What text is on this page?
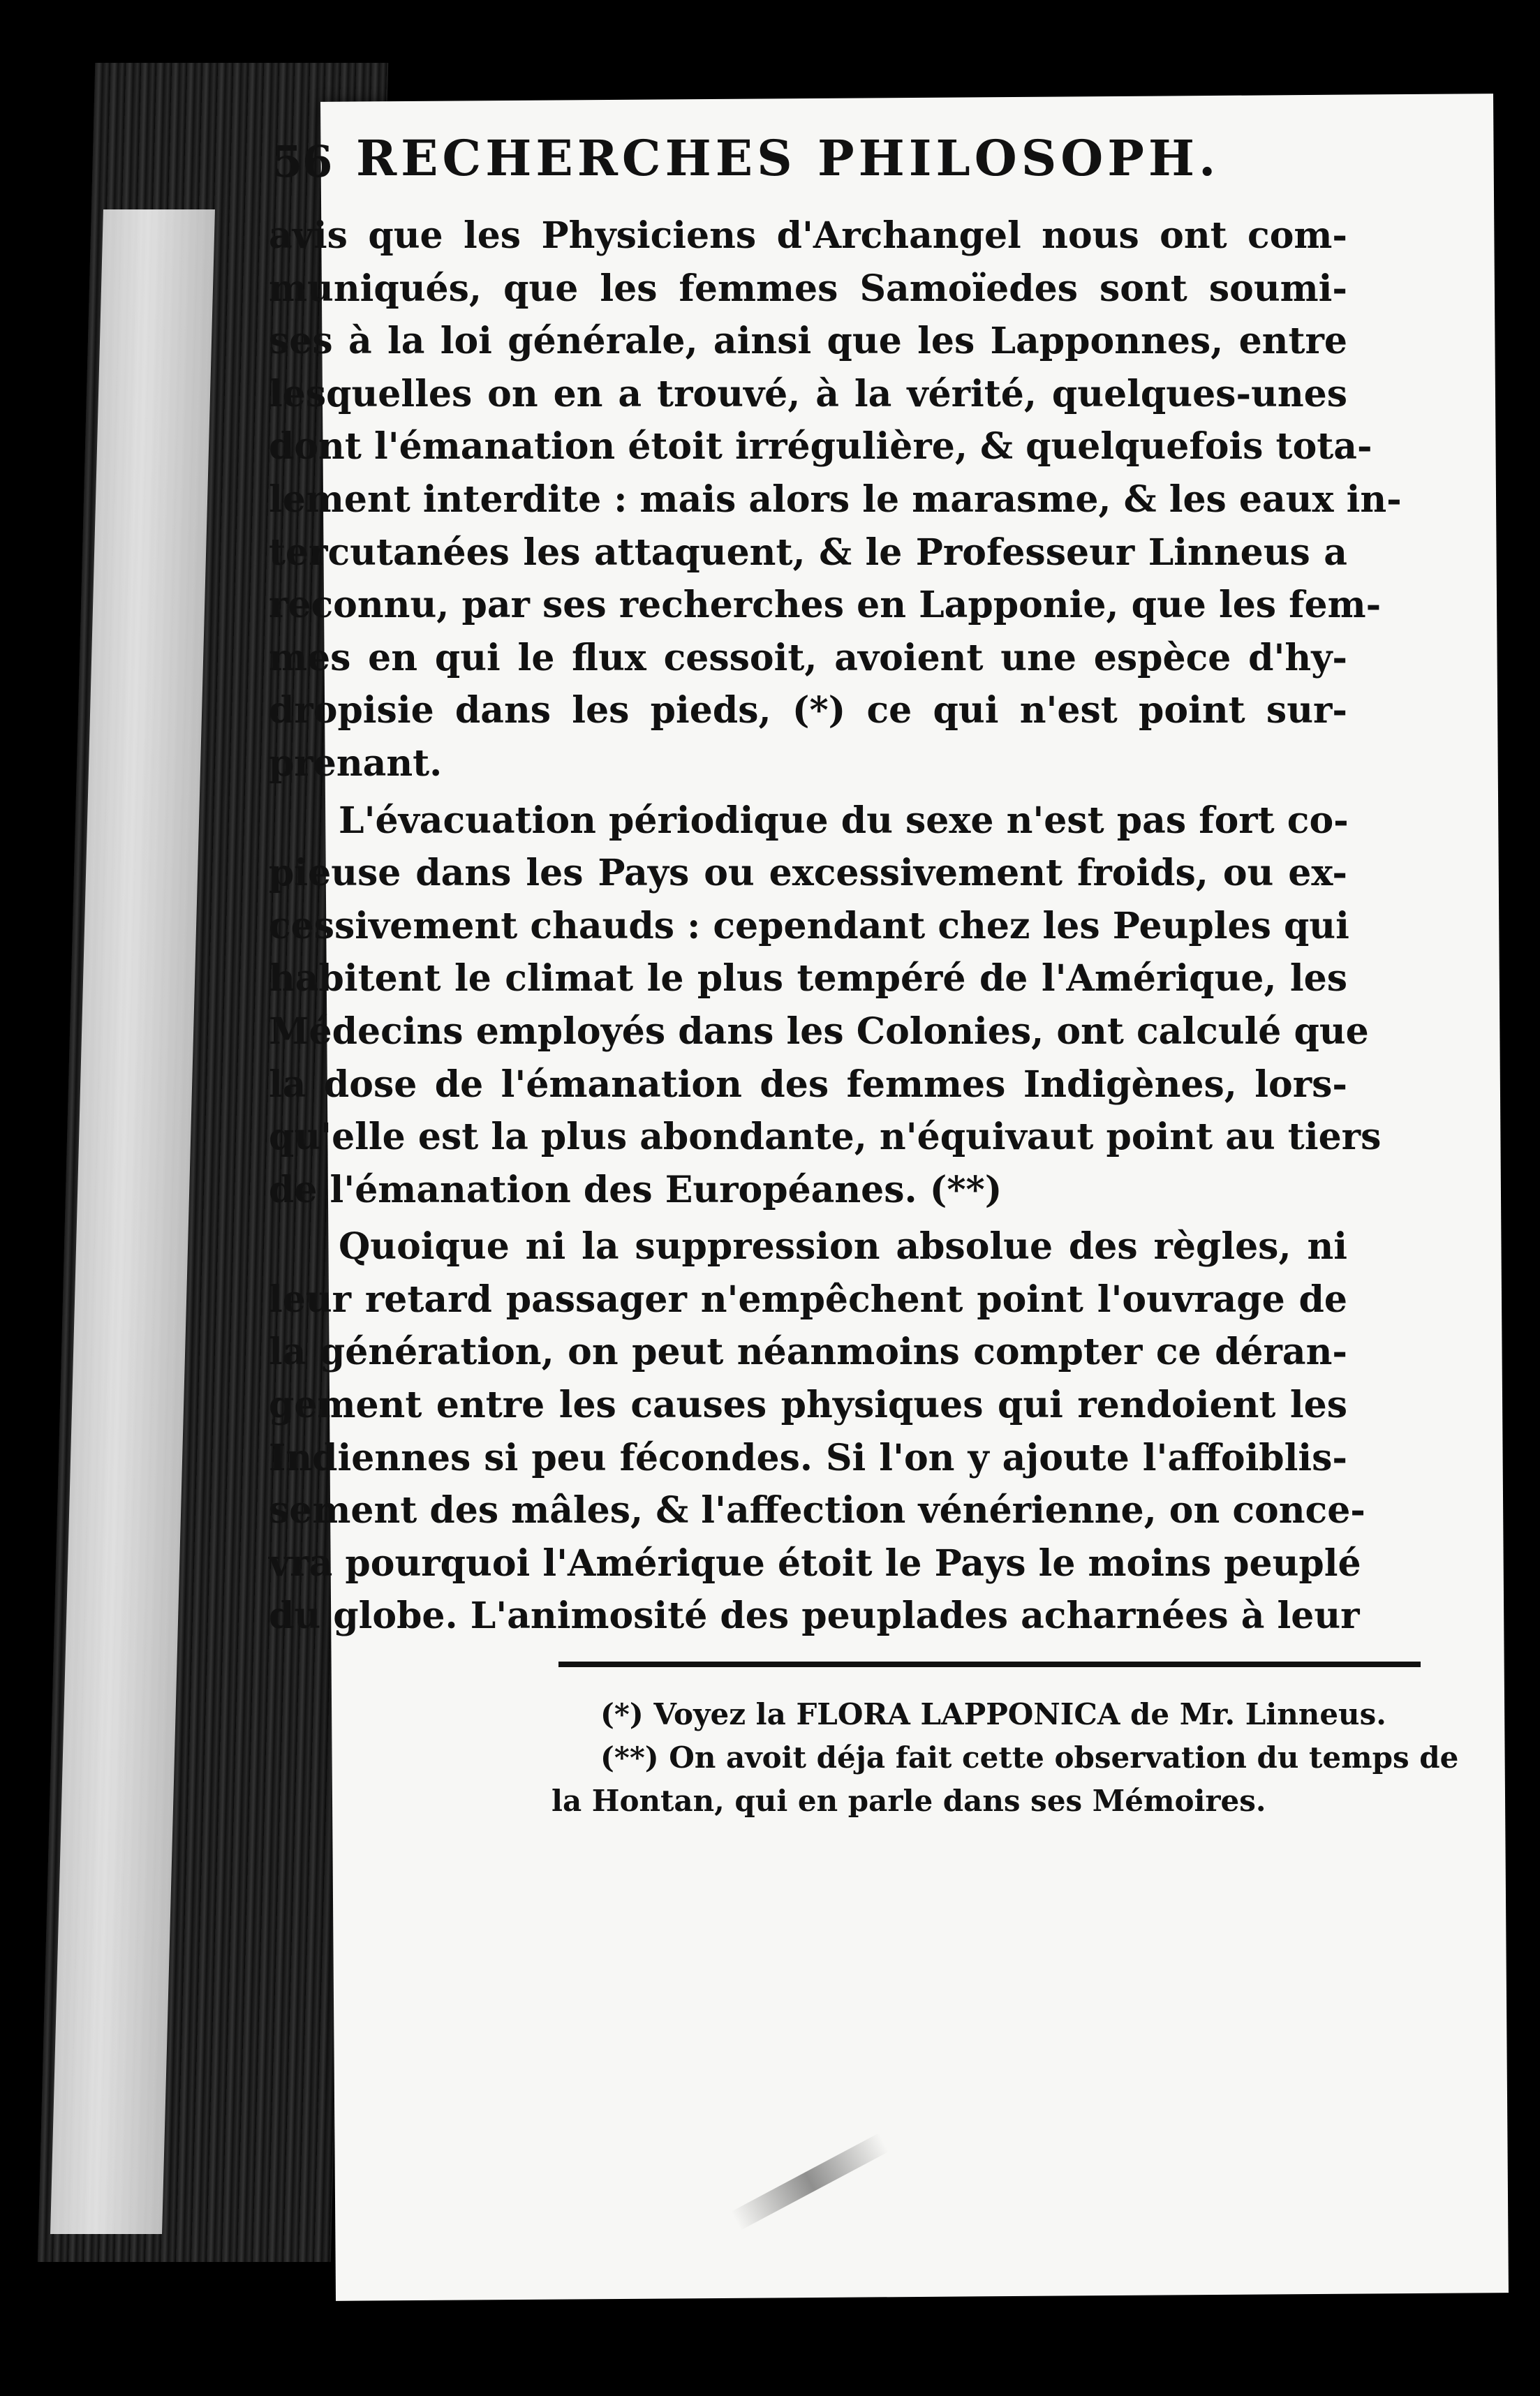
56 RECHERCHES PHILOSOPH.
avis que les Physiciens d'Archangel nous ont com-
muniqués, que les femmes Samoïedes sont soumi-
ses à la loi générale, ainsi que les Lapponnes, entre
lesquelles on en a trouvé, à la vérité, quelques-unes
dont l'émanation étoit irrégulière, & quelquefois tota-
lement interdite : mais alors le marasme, & les eaux in-
tercutanées les attaquent, & le Professeur Linneus a
reconnu, par ses recherches en Lapponie, que les fem-
mes en qui le flux cessoit, avoient une espèce d'hy-
dropisie dans les pieds, (*) ce qui n'est point sur-
prenant.
L'évacuation périodique du sexe n'est pas fort co-
pieuse dans les Pays ou excessivement froids, ou ex-
cessivement chauds : cependant chez les Peuples qui
habitent le climat le plus tempéré de l'Amérique, les
Médecins employés dans les Colonies, ont calculé que
la dose de l'émanation des femmes Indigènes, lors-
qu'elle est la plus abondante, n'équivaut point au tiers
de l'émanation des Européanes. (**)
Quoique ni la suppression absolue des règles, ni
leur retard passager n'empêchent point l'ouvrage de
la génération, on peut néanmoins compter ce déran-
gement entre les causes physiques qui rendoient les
Indiennes si peu fécondes. Si l'on y ajoute l'affoiblis-
sement des mâles, & l'affection vénérienne, on conce-
vra pourquoi l'Amérique étoit le Pays le moins peuplé
du globe. L'animosité des peuplades acharnées à leur
(*) Voyez la FLORA LAPPONICA de Mr. Linneus.
(**) On avoit déja fait cette observation du temps de
la Hontan, qui en parle dans ses Mémoires.
